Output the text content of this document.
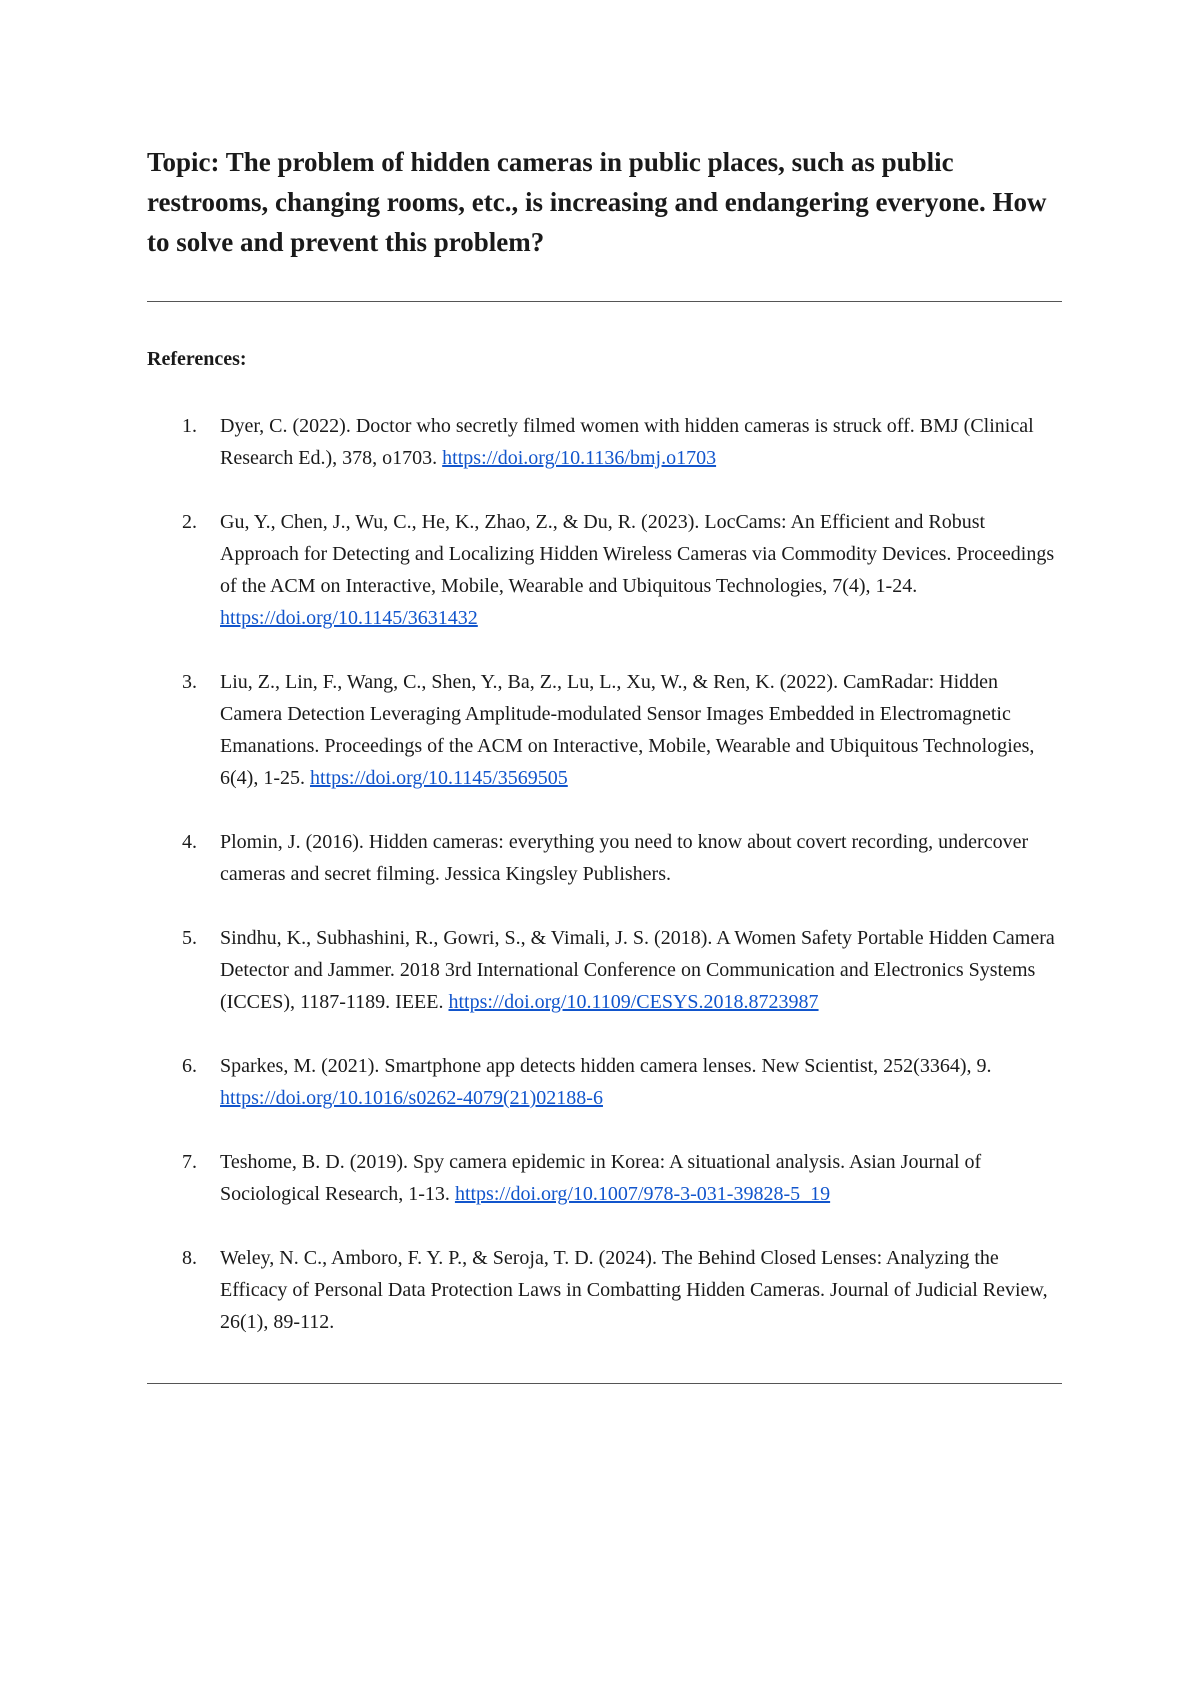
Topic: The problem of hidden cameras in public places, such as public restrooms, changing rooms, etc., is increasing and endangering everyone. How to solve and prevent this problem?
References:
1. Dyer, C. (2022). Doctor who secretly filmed women with hidden cameras is struck off. BMJ (Clinical Research Ed.), 378, o1703. https://doi.org/10.1136/bmj.o1703
2. Gu, Y., Chen, J., Wu, C., He, K., Zhao, Z., & Du, R. (2023). LocCams: An Efficient and Robust Approach for Detecting and Localizing Hidden Wireless Cameras via Commodity Devices. Proceedings of the ACM on Interactive, Mobile, Wearable and Ubiquitous Technologies, 7(4), 1-24. https://doi.org/10.1145/3631432
3. Liu, Z., Lin, F., Wang, C., Shen, Y., Ba, Z., Lu, L., Xu, W., & Ren, K. (2022). CamRadar: Hidden Camera Detection Leveraging Amplitude-modulated Sensor Images Embedded in Electromagnetic Emanations. Proceedings of the ACM on Interactive, Mobile, Wearable and Ubiquitous Technologies, 6(4), 1-25. https://doi.org/10.1145/3569505
4. Plomin, J. (2016). Hidden cameras: everything you need to know about covert recording, undercover cameras and secret filming. Jessica Kingsley Publishers.
5. Sindhu, K., Subhashini, R., Gowri, S., & Vimali, J. S. (2018). A Women Safety Portable Hidden Camera Detector and Jammer. 2018 3rd International Conference on Communication and Electronics Systems (ICCES), 1187-1189. IEEE. https://doi.org/10.1109/CESYS.2018.8723987
6. Sparkes, M. (2021). Smartphone app detects hidden camera lenses. New Scientist, 252(3364), 9. https://doi.org/10.1016/s0262-4079(21)02188-6
7. Teshome, B. D. (2019). Spy camera epidemic in Korea: A situational analysis. Asian Journal of Sociological Research, 1-13. https://doi.org/10.1007/978-3-031-39828-5_19
8. Weley, N. C., Amboro, F. Y. P., & Seroja, T. D. (2024). The Behind Closed Lenses: Analyzing the Efficacy of Personal Data Protection Laws in Combatting Hidden Cameras. Journal of Judicial Review, 26(1), 89-112.
